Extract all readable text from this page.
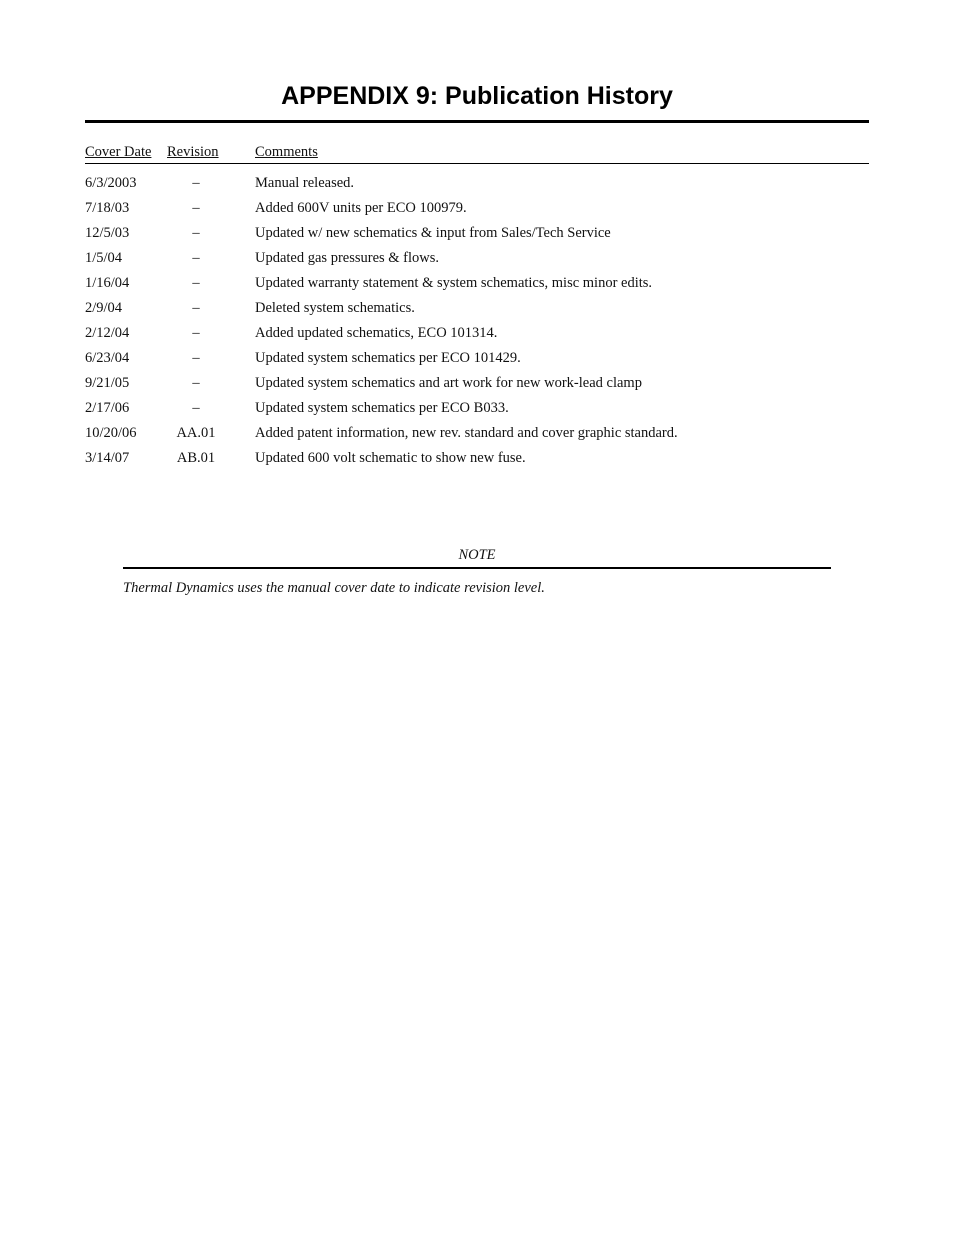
APPENDIX 9: Publication History
Cover Date	Revision	Comments
6/3/2003	–	Manual released.
7/18/03	–	Added 600V units per ECO 100979.
12/5/03	–	Updated w/ new schematics & input from Sales/Tech Service
1/5/04	–	Updated gas pressures & flows.
1/16/04	–	Updated warranty statement & system schematics, misc minor edits.
2/9/04	–	Deleted system schematics.
2/12/04	–	Added updated schematics, ECO 101314.
6/23/04	–	Updated system schematics per ECO 101429.
9/21/05	–	Updated system schematics and art work for new work-lead clamp
2/17/06	–	Updated system schematics per ECO B033.
10/20/06	AA.01	Added patent information, new rev. standard and cover graphic standard.
3/14/07	AB.01	Updated 600 volt schematic to show new fuse.
NOTE
Thermal Dynamics uses the manual cover date to indicate revision level.
